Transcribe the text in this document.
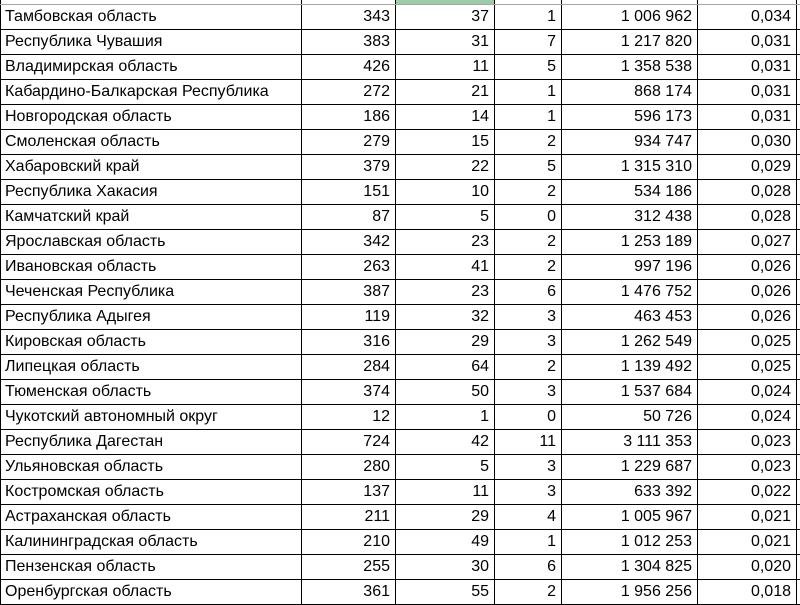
Тамбовская область	343	37	1	1 006 962	0,034
Республика Чувашия	383	31	7	1 217 820	0,031
Владимирская область	426	11	5	1 358 538	0,031
Кабардино-Балкарская Республика	272	21	1	868 174	0,031
Новгородская область	186	14	1	596 173	0,031
Смоленская область	279	15	2	934 747	0,030
Хабаровский край	379	22	5	1 315 310	0,029
Республика Хакасия	151	10	2	534 186	0,028
Камчатский край	87	5	0	312 438	0,028
Ярославская область	342	23	2	1 253 189	0,027
Ивановская область	263	41	2	997 196	0,026
Чеченская Республика	387	23	6	1 476 752	0,026
Республика Адыгея	119	32	3	463 453	0,026
Кировская область	316	29	3	1 262 549	0,025
Липецкая область	284	64	2	1 139 492	0,025
Тюменская область	374	50	3	1 537 684	0,024
Чукотский автономный округ	12	1	0	50 726	0,024
Республика Дагестан	724	42	11	3 111 353	0,023
Ульяновская область	280	5	3	1 229 687	0,023
Костромская область	137	11	3	633 392	0,022
Астраханская область	211	29	4	1 005 967	0,021
Калининградская область	210	49	1	1 012 253	0,021
Пензенская область	255	30	6	1 304 825	0,020
Оренбургская область	361	55	2	1 956 256	0,018
